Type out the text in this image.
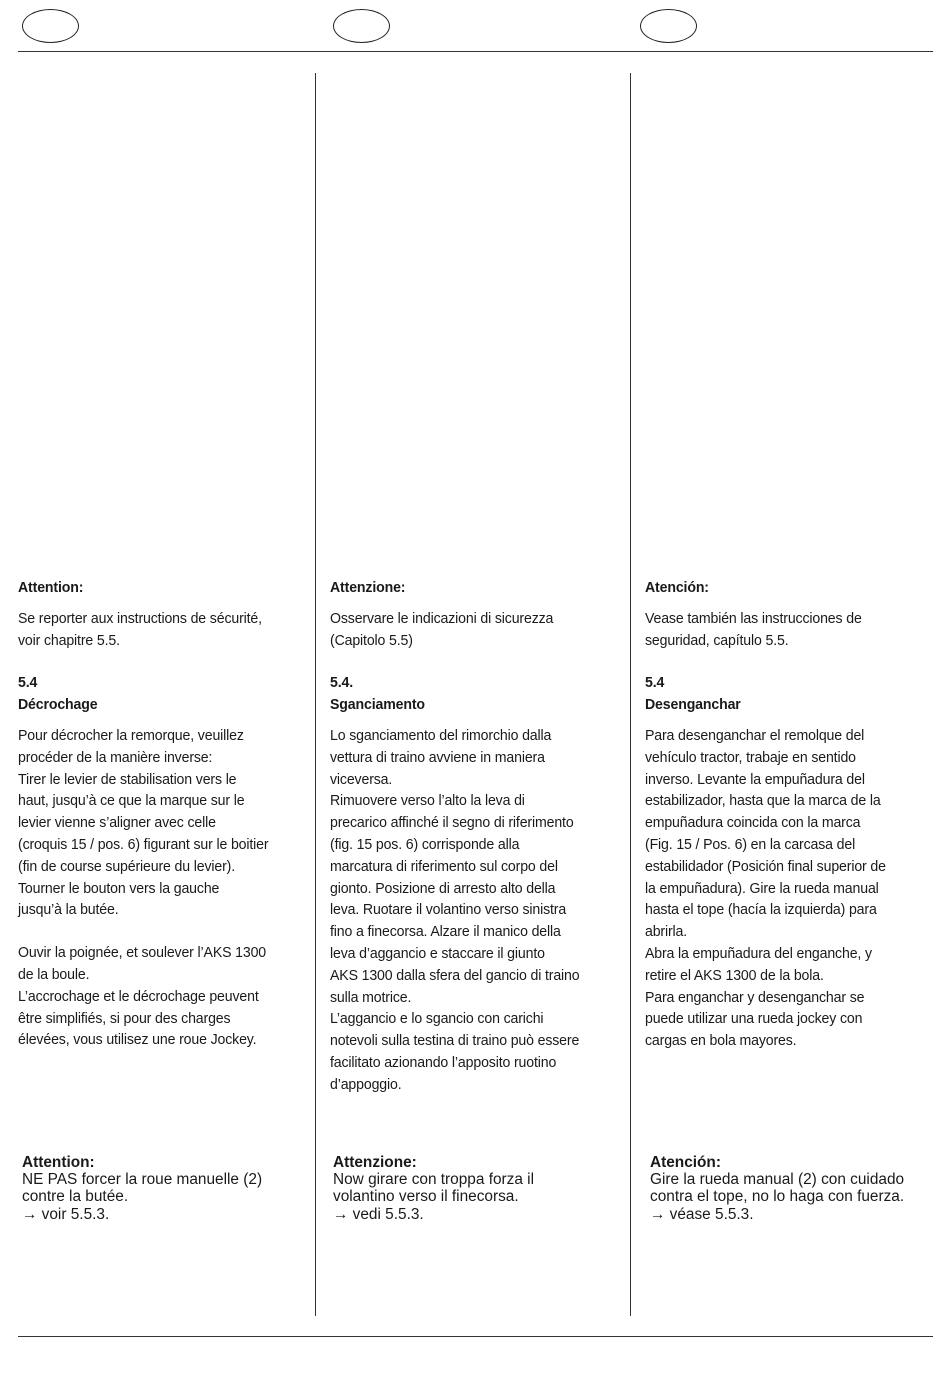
Attention:

Se reporter aux instructions de sécurité,
voir chapitre 5.5.

5.4

Décrochage

Pour décrocher la remorque, veuillez
procéder de la manière inverse:
Tirer le levier de stabilisation vers le
haut, jusqu’à ce que la marque sur le
levier vienne s’aligner avec celle
(croquis 15 / pos. 6) figurant sur le boitier
(fin de course supérieure du levier).
Tourner le bouton vers la gauche
jusqu’à la butée.

Ouvir la poignée, et soulever l’AKS 1300
de la boule.
L’accrochage et le décrochage peuvent
être simplifiés, si pour des charges
élevées, vous utilisez une roue Jockey.

Attenzione:

Osservare le indicazioni di sicurezza
(Capitolo 5.5)

5.4.

Sganciamento

Lo sganciamento del rimorchio dalla
vettura di traino avviene in maniera
viceversa.
Rimuovere verso l’alto la leva di
precarico affinché il segno di riferimento
(fig. 15 pos. 6) corrisponde alla
marcatura di riferimento sul corpo del
gionto. Posizione di arresto alto della
leva. Ruotare il volantino verso sinistra
fino a finecorsa. Alzare il manico della
leva d’aggancio e staccare il giunto
AKS 1300 dalla sfera del gancio di traino
sulla motrice.
L’aggancio e lo sgancio con carichi
notevoli sulla testina di traino può essere
facilitato azionando l’apposito ruotino
d’appoggio.

Atención:

Vease también las instrucciones de
seguridad, capítulo 5.5.

5.4

Desenganchar

Para desenganchar el remolque del
vehículo tractor, trabaje en sentido
inverso. Levante la empuñadura del
estabilizador, hasta que la marca de la
empuñadura coincida con la marca
(Fig. 15 / Pos. 6) en la carcasa del
estabilidador (Posición final superior de
la empuñadura). Gire la rueda manual
hasta el tope (hacía la izquierda) para
abrirla.
Abra la empuñadura del enganche, y
retire el AKS 1300 de la bola.
Para enganchar y desenganchar se
puede utilizar una rueda jockey con
cargas en bola mayores.

Attention:
NE PAS forcer la roue manuelle (2)
contre la butée.
→ voir 5.5.3.
Attenzione:
Now girare con troppa forza il
volantino verso il finecorsa.
→ vedi 5.5.3.
Atención:
Gire la rueda manual (2) con cuidado
contra el tope, no lo haga con fuerza.
→ véase 5.5.3.
